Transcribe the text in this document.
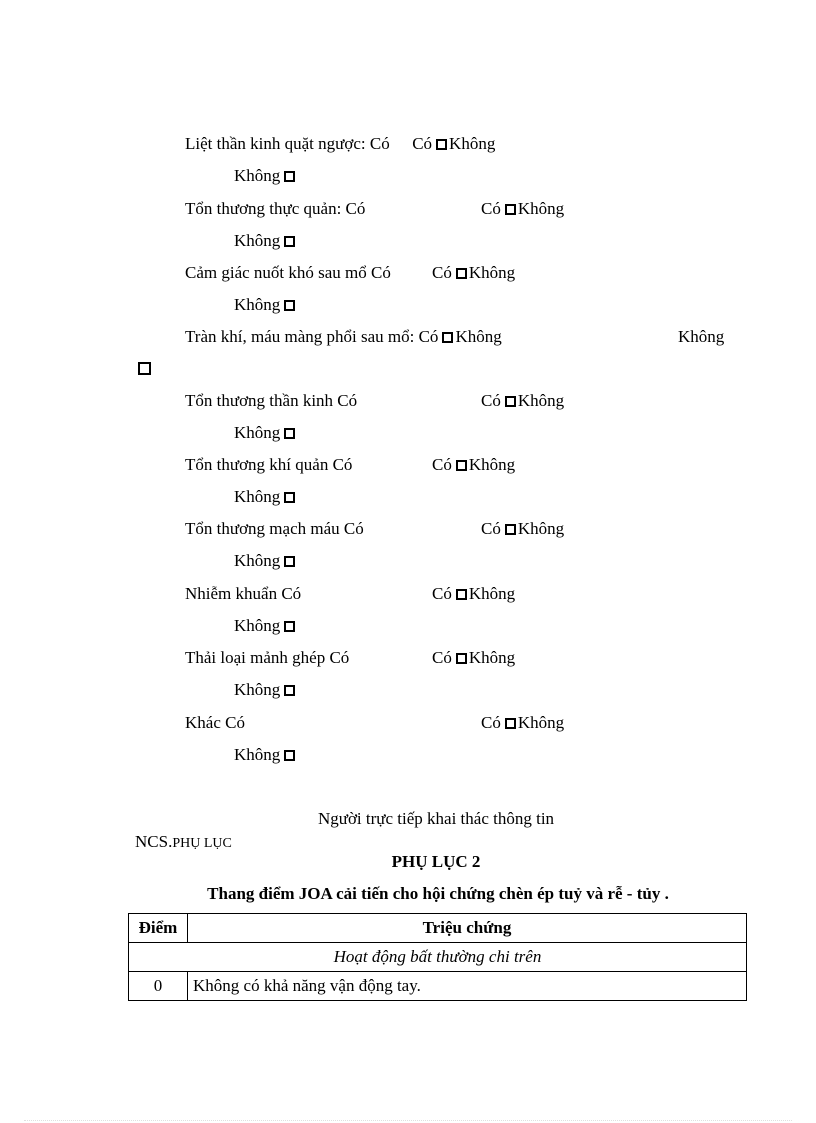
Liệt thần kinh quặt ngược: Có Có Không
Không
Tổn thương thực quản: Có	Có Không
Không
Cảm giác nuốt khó sau mổ Có Có Không
Không
Tràn khí, máu màng phổi sau mổ: Có Không	Không
Tổn thương thần kinh Có	Có Không
Không
Tổn thương khí quản Có	Có Không
Không
Tổn thương mạch máu Có	Có Không
Không
Nhiễm khuẩn Có	Có Không
Không
Thải loại mảnh ghép Có	Có Không
Không
Khác Có	Có Không
Không
Người trực tiếp khai thác thông tin
NCS.PHỤ LỤC
PHỤ LỤC 2
Thang điểm JOA cải tiến cho hội chứng chèn ép tuỷ và rễ - tủy .
Điểm	Triệu chứng
Hoạt động bất thường chi trên	
0	Không có khả năng vận động tay.
